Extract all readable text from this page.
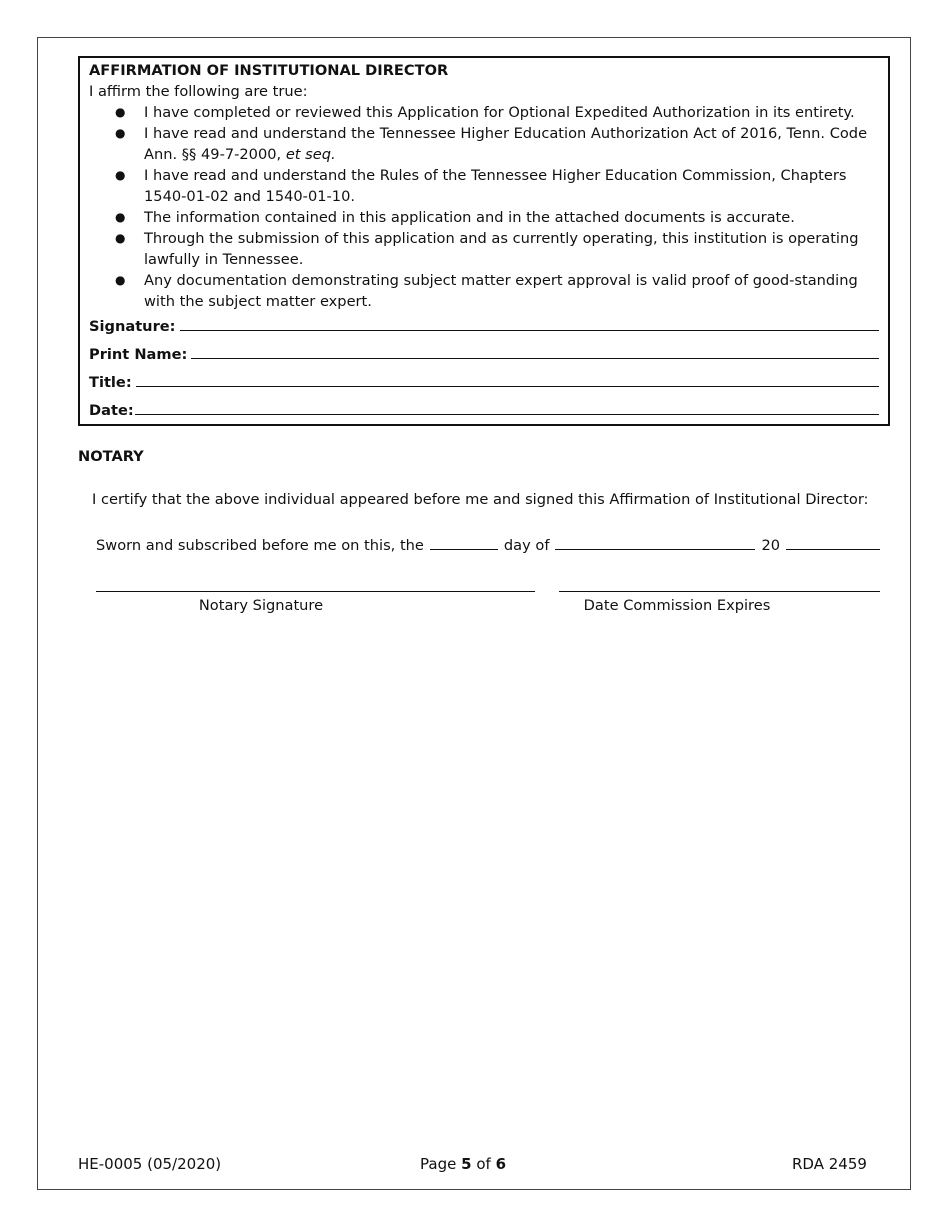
AFFIRMATION OF INSTITUTIONAL DIRECTOR
I affirm the following are true:
● I have completed or reviewed this Application for Optional Expedited Authorization in its entirety.
● I have read and understand the Tennessee Higher Education Authorization Act of 2016, Tenn. Code Ann. §§ 49-7-2000, et seq.
● I have read and understand the Rules of the Tennessee Higher Education Commission, Chapters 1540-01-02 and 1540-01-10.
● The information contained in this application and in the attached documents is accurate.
● Through the submission of this application and as currently operating, this institution is operating lawfully in Tennessee.
● Any documentation demonstrating subject matter expert approval is valid proof of good-standing with the subject matter expert.
Signature:
Print Name:
Title:
Date:
NOTARY
I certify that the above individual appeared before me and signed this Affirmation of Institutional Director:
Sworn and subscribed before me on this, the	day of	20
Notary Signature	Date Commission Expires
HE-0005 (05/2020)	Page 5 of 6	RDA 2459
